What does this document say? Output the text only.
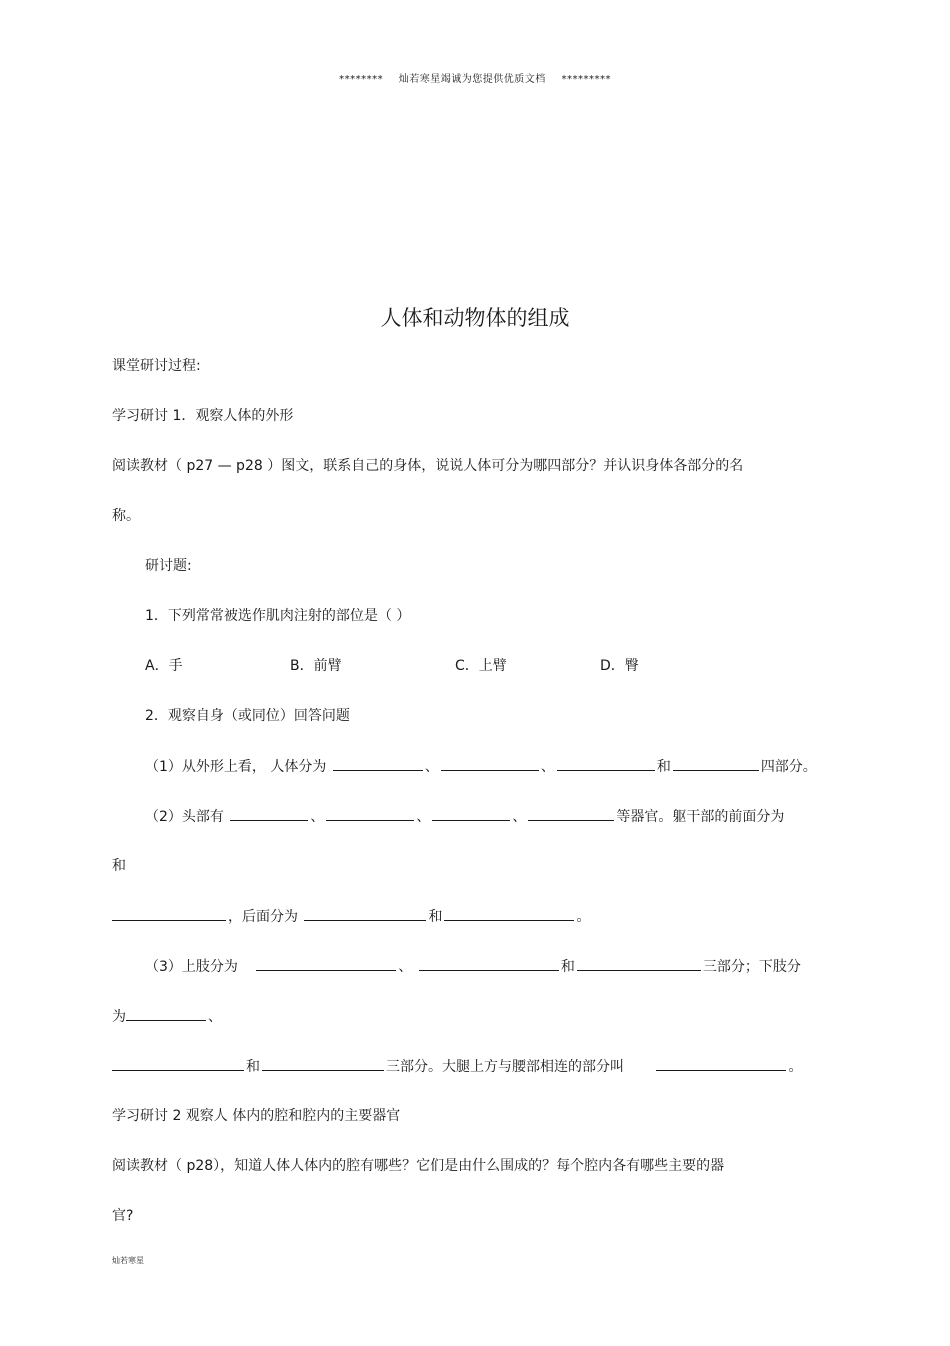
******** 灿若寒星竭诚为您提供优质文档 *********
人体和动物体的组成
课堂研讨过程:
学习研讨 1．观察人体的外形
阅读教材（ p27 — p28 ）图文，联系自己的身体，说说人体可分为哪四部分？并认识身体各部分的名
称。
研讨题:
1．下列常常被选作肌肉注射的部位是（ ）
A．手	B．前臂	C．上臂	D．臀
2．观察自身（或同位）回答问题
（1）从外形上看， 人体分为	、	、	和	四部分。
（2）头部有	、	、	、	等器官。躯干部的前面分为
和
，后面分为	和	。
（3）上肢分为	、	和	三部分；下肢分
为	、
和	三部分。大腿上方与腰部相连的部分叫	。
学习研讨 2 观察人 体内的腔和腔内的主要器官
阅读教材（ p28），知道人体人体内的腔有哪些？它们是由什么围成的？每个腔内各有哪些主要的器
官?
灿若寒星
